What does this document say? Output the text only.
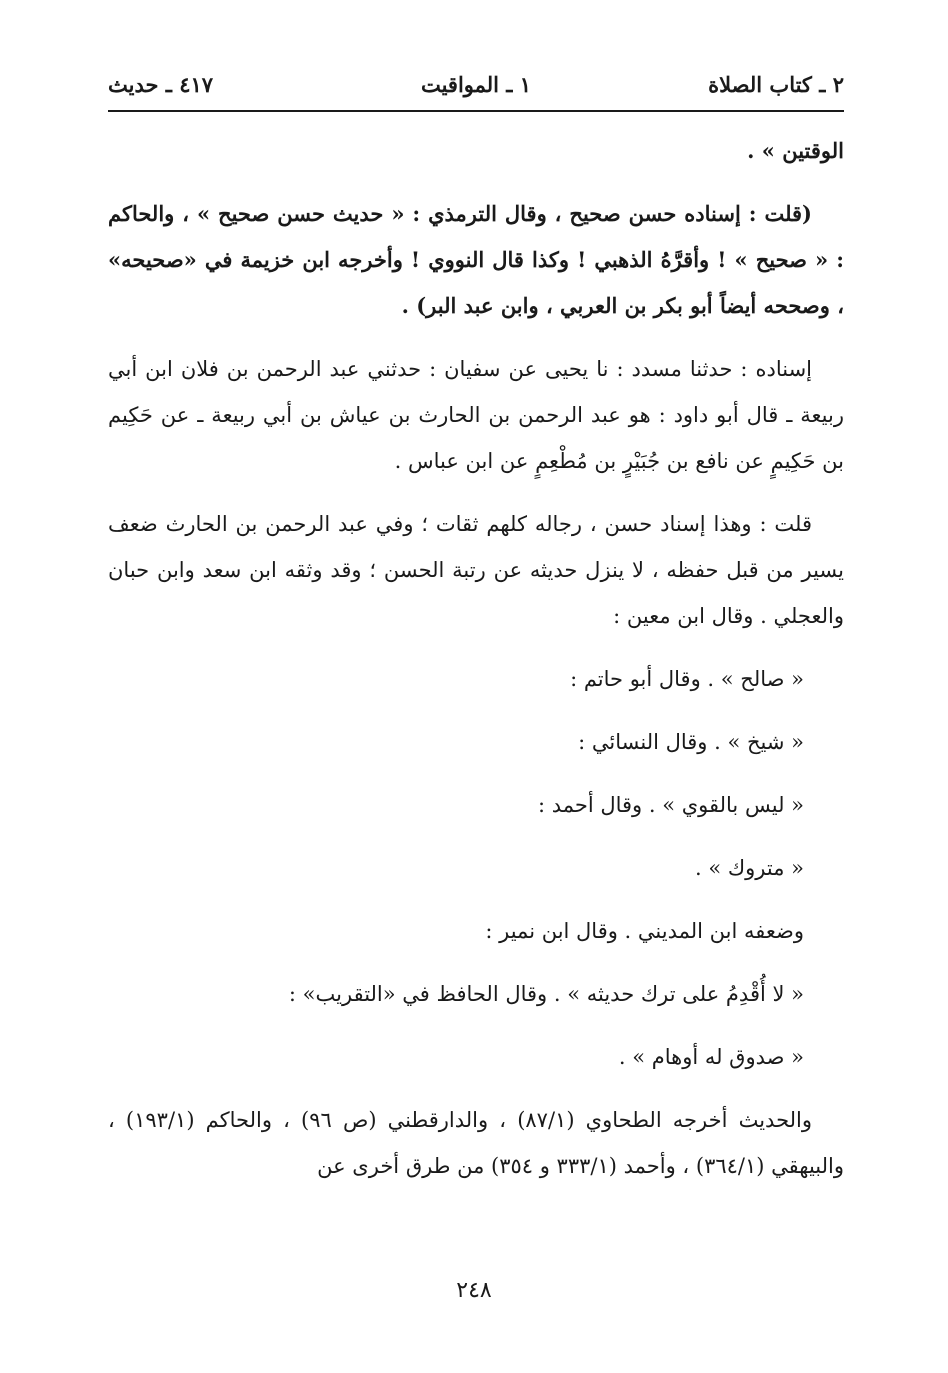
٢ ـ كتاب الصلاة
١ ـ المواقيت
٤١٧ ـ حديث

الوقتين » .

(قلت : إسناده حسن صحيح ، وقال الترمذي : « حديث حسن صحيح » ، والحاكم : « صحيح » ! وأقرَّهُ الذهبي ! وكذا قال النووي ! وأخرجه ابن خزيمة في «صحيحه» ، وصححه أيضاً أبو بكر بن العربي ، وابن عبد البر) .

إسناده : حدثنا مسدد : نا يحيى عن سفيان : حدثني عبد الرحمن بن فلان ابن أبي ربيعة ـ قال أبو داود : هو عبد الرحمن بن الحارث بن عياش بن أبي ربيعة ـ عن حَكِيم بن حَكِيمٍ عن نافع بن جُبَيْرٍ بن مُطْعِمٍ عن ابن عباس .

قلت : وهذا إسناد حسن ، رجاله كلهم ثقات ؛ وفي عبد الرحمن بن الحارث ضعف يسير من قبل حفظه ، لا ينزل حديثه عن رتبة الحسن ؛ وقد وثقه ابن سعد وابن حبان والعجلي . وقال ابن معين :

« صالح » . وقال أبو حاتم :
« شيخ » . وقال النسائي :
« ليس بالقوي » . وقال أحمد :
« متروك » .
وضعفه ابن المديني . وقال ابن نمير :
« لا أُقْدِمُ على ترك حديثه » . وقال الحافظ في «التقريب» :
« صدوق له أوهام » .

والحديث أخرجه الطحاوي (٨٧/١) ، والدارقطني (ص ٩٦) ، والحاكم (١٩٣/١) ، والبيهقي (٣٦٤/١) ، وأحمد (٣٣٣/١ و ٣٥٤) من طرق أخرى عن

٢٤٨
